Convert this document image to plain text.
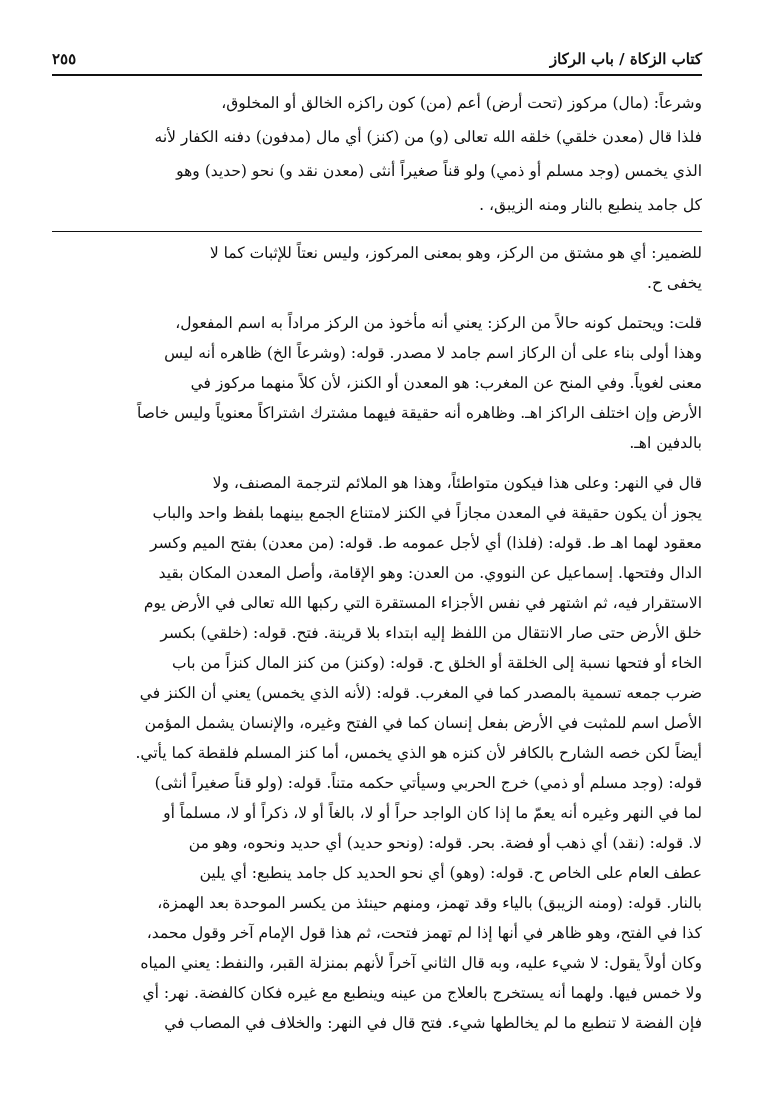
كتاب الزكاة / باب الركاز
٢٥٥
وشرعاً: (مال) مركوز (تحت أرض) أعم (من) كون راكزه الخالق أو المخلوق،
فلذا قال (معدن خلقي) خلقه الله تعالى (و) من (كنز) أي مال (مدفون) دفنه الكفار لأنه
الذي يخمس (وجد مسلم أو ذمي) ولو قناً صغيراً أنثى (معدن نقد و) نحو (حديد) وهو
كل جامد ينطبع بالنار ومنه الزيبق، .
للضمير: أي هو مشتق من الركز، وهو بمعنى المركوز، وليس نعتاً للإثبات كما لا
يخفى ح.
قلت: ويحتمل كونه حالاً من الركز: يعني أنه مأخوذ من الركز مراداً به اسم المفعول،
وهذا أولى بناء على أن الركاز اسم جامد لا مصدر. قوله: (وشرعاً الخ) ظاهره أنه ليس
معنى لغوياً. وفي المنح عن المغرب: هو المعدن أو الكنز، لأن كلاً منهما مركوز في
الأرض وإن اختلف الراكز اهـ. وظاهره أنه حقيقة فيهما مشترك اشتراكاً معنوياً وليس خاصاً
بالدفين اهـ.
قال في النهر: وعلى هذا فيكون متواطئاً، وهذا هو الملائم لترجمة المصنف، ولا
يجوز أن يكون حقيقة في المعدن مجازاً في الكنز لامتناع الجمع بينهما بلفظ واحد والباب
معقود لهما اهـ ط. قوله: (فلذا) أي لأجل عمومه ط. قوله: (من معدن) بفتح الميم وكسر
الدال وفتحها. إسماعيل عن النووي. من العدن: وهو الإقامة، وأصل المعدن المكان بقيد
الاستقرار فيه، ثم اشتهر في نفس الأجزاء المستقرة التي ركبها الله تعالى في الأرض يوم
خلق الأرض حتى صار الانتقال من اللفظ إليه ابتداء بلا قرينة. فتح. قوله: (خلقي) بكسر
الخاء أو فتحها نسبة إلى الخلقة أو الخلق ح. قوله: (وكنز) من كنز المال كنزاً من باب
ضرب جمعه تسمية بالمصدر كما في المغرب. قوله: (لأنه الذي يخمس) يعني أن الكنز في
الأصل اسم للمثبت في الأرض بفعل إنسان كما في الفتح وغيره، والإنسان يشمل المؤمن
أيضاً لكن خصه الشارح بالكافر لأن كنزه هو الذي يخمس، أما كنز المسلم فلقطة كما يأتي.
قوله: (وجد مسلم أو ذمي) خرج الحربي وسيأتي حكمه متناً. قوله: (ولو قناً صغيراً أنثى)
لما في النهر وغيره أنه يعمّ ما إذا كان الواجد حراً أو لا، بالغاً أو لا، ذكراً أو لا، مسلماً أو
لا. قوله: (نقد) أي ذهب أو فضة. بحر. قوله: (ونحو حديد) أي حديد ونحوه، وهو من
عطف العام على الخاص ح. قوله: (وهو) أي نحو الحديد كل جامد ينطبع: أي يلين
بالنار. قوله: (ومنه الزيبق) بالياء وقد تهمز، ومنهم حينئذ من يكسر الموحدة بعد الهمزة،
كذا في الفتح، وهو ظاهر في أنها إذا لم تهمز فتحت، ثم هذا قول الإمام آخر وقول محمد،
وكان أولاً يقول: لا شيء عليه، وبه قال الثاني آخراً لأنهم بمنزلة القبر، والنفط: يعني المياه
ولا خمس فيها. ولهما أنه يستخرج بالعلاج من عينه وينطبع مع غيره فكان كالفضة. نهر: أي
فإن الفضة لا تنطبع ما لم يخالطها شيء. فتح قال في النهر: والخلاف في المصاب في
